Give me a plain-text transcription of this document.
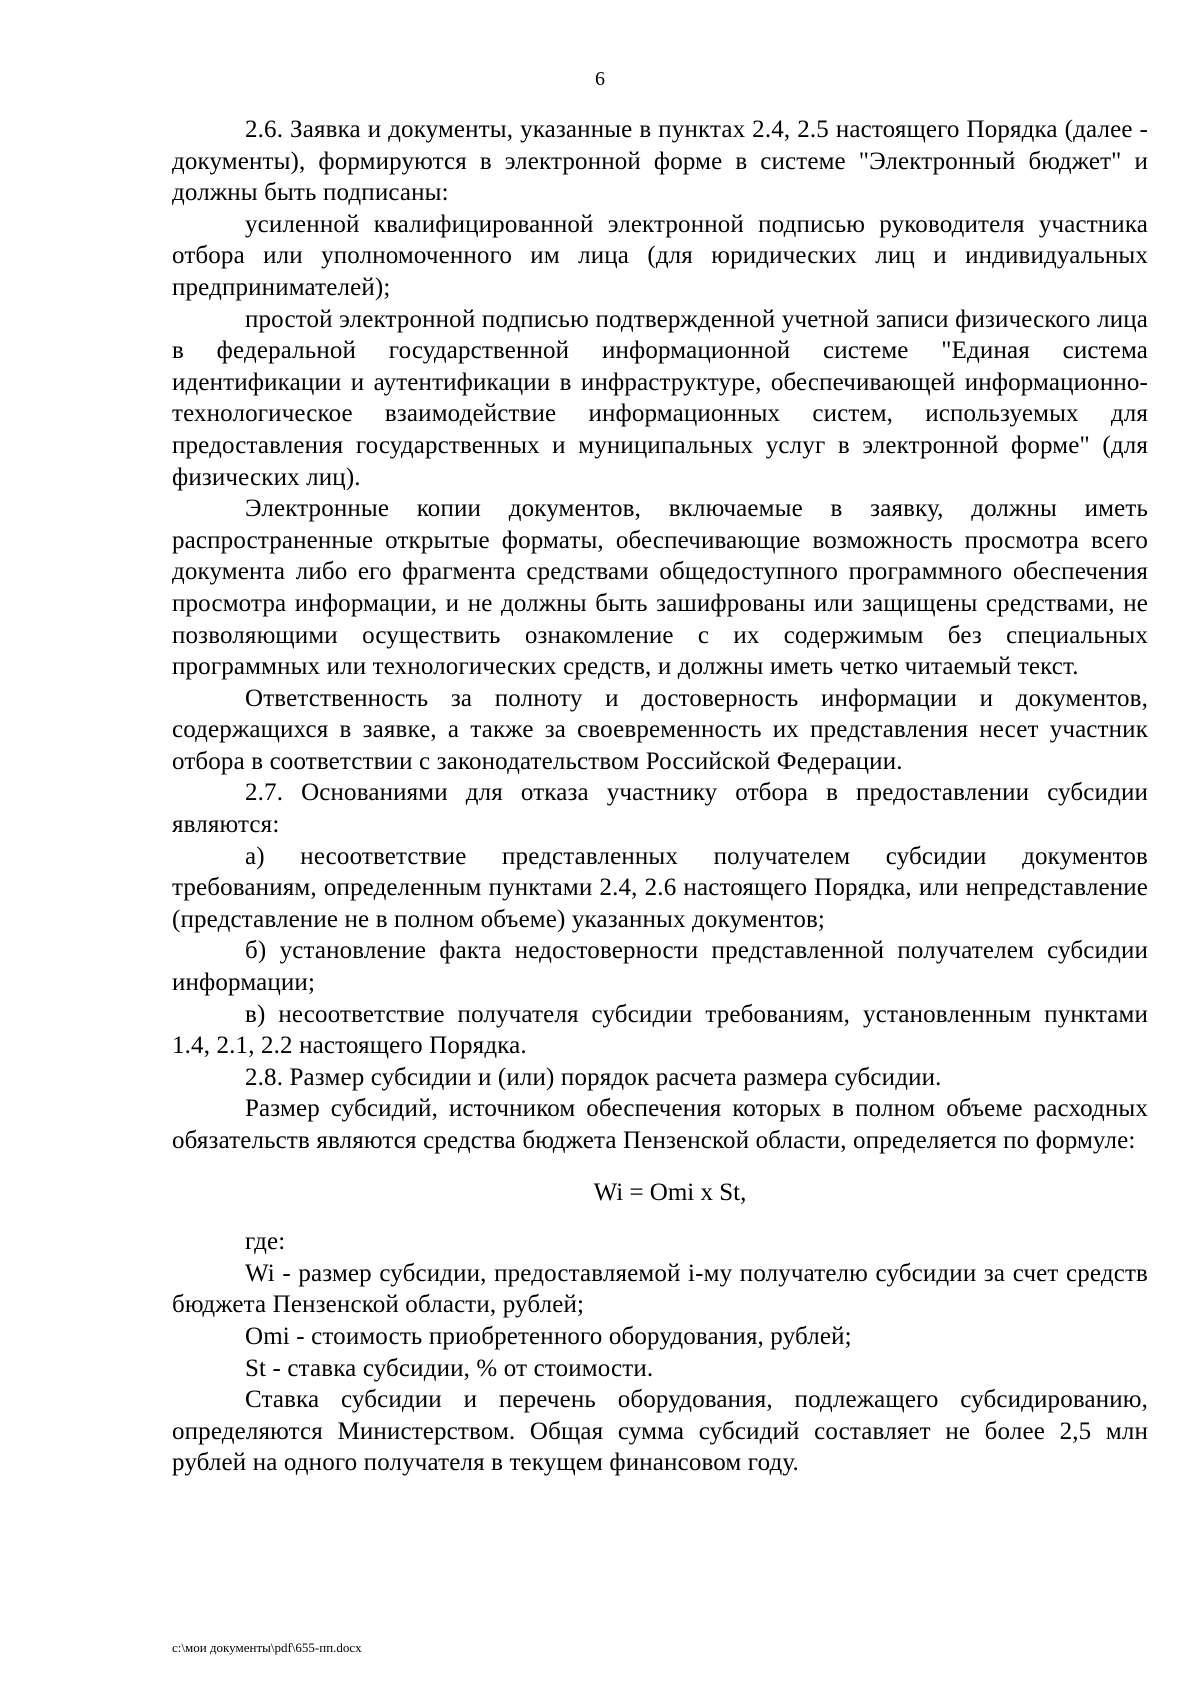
6

2.6. Заявка и документы, указанные в пунктах 2.4, 2.5 настоящего Порядка (далее - документы), формируются в электронной форме в системе "Электронный бюджет" и должны быть подписаны:

усиленной квалифицированной электронной подписью руководителя участника отбора или уполномоченного им лица (для юридических лиц и индивидуальных предпринимателей);

простой электронной подписью подтвержденной учетной записи физического лица в федеральной государственной информационной системе "Единая система идентификации и аутентификации в инфраструктуре, обеспечивающей информационно-технологическое взаимодействие информационных систем, используемых для предоставления государственных и муниципальных услуг в электронной форме" (для физических лиц).

Электронные копии документов, включаемые в заявку, должны иметь распространенные открытые форматы, обеспечивающие возможность просмотра всего документа либо его фрагмента средствами общедоступного программного обеспечения просмотра информации, и не должны быть зашифрованы или защищены средствами, не позволяющими осуществить ознакомление с их содержимым без специальных программных или технологических средств, и должны иметь четко читаемый текст.

Ответственность за полноту и достоверность информации и документов, содержащихся в заявке, а также за своевременность их представления несет участник отбора в соответствии с законодательством Российской Федерации.

2.7. Основаниями для отказа участнику отбора в предоставлении субсидии являются:

а) несоответствие представленных получателем субсидии документов требованиям, определенным пунктами 2.4, 2.6 настоящего Порядка, или непредставление (представление не в полном объеме) указанных документов;

б) установление факта недостоверности представленной получателем субсидии информации;

в) несоответствие получателя субсидии требованиям, установленным пунктами 1.4, 2.1, 2.2 настоящего Порядка.

2.8. Размер субсидии и (или) порядок расчета размера субсидии.

Размер субсидий, источником обеспечения которых в полном объеме расходных обязательств являются средства бюджета Пензенской области, определяется по формуле:

Wi = Omi x St,

где:

Wi - размер субсидии, предоставляемой i-му получателю субсидии за счет средств бюджета Пензенской области, рублей;

Omi - стоимость приобретенного оборудования, рублей;

St - ставка субсидии, % от стоимости.

Ставка субсидии и перечень оборудования, подлежащего субсидированию, определяются Министерством. Общая сумма субсидий составляет не более 2,5 млн рублей на одного получателя в текущем финансовом году.

c:\мои документы\pdf\655-пп.docx
